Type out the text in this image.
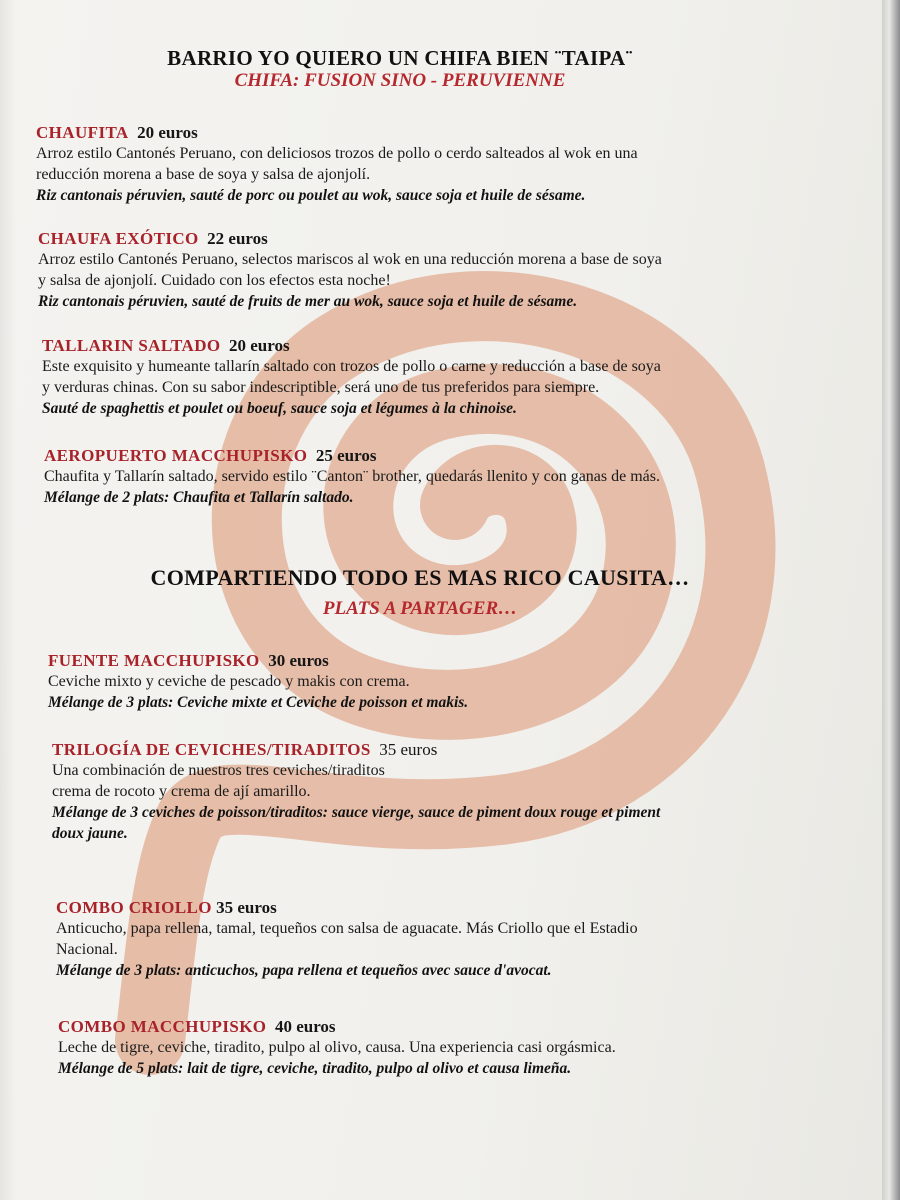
BARRIO YO QUIERO UN CHIFA BIEN ¨TAIPA¨
CHIFA: FUSION SINO - PERUVIENNE
CHAUFITA 20 euros
Arroz estilo Cantonés Peruano, con deliciosos trozos de pollo o cerdo salteados al wok en una
reducción morena a base de soya y salsa de ajonjolí.
Riz cantonais péruvien, sauté de porc ou poulet au wok, sauce soja et huile de sésame.
CHAUFA EXÓTICO 22 euros
Arroz estilo Cantonés Peruano, selectos mariscos al wok en una reducción morena a base de soya
y salsa de ajonjolí. Cuidado con los efectos esta noche!
Riz cantonais péruvien, sauté de fruits de mer au wok, sauce soja et huile de sésame.
TALLARIN SALTADO 20 euros
Este exquisito y humeante tallarín saltado con trozos de pollo o carne y reducción a base de soya
y verduras chinas. Con su sabor indescriptible, será uno de tus preferidos para siempre.
Sauté de spaghettis et poulet ou boeuf, sauce soja et légumes à la chinoise.
AEROPUERTO MACCHUPISKO 25 euros
Chaufita y Tallarín saltado, servido estilo ¨Canton¨ brother, quedarás llenito y con ganas de más.
Mélange de 2 plats: Chaufita et Tallarín saltado.
COMPARTIENDO TODO ES MAS RICO CAUSITA…
PLATS A PARTAGER…
FUENTE MACCHUPISKO 30 euros
Ceviche mixto y ceviche de pescado y makis con crema.
Mélange de 3 plats: Ceviche mixte et Ceviche de poisson et makis.
TRILOGÍA DE CEVICHES/TIRADITOS 35 euros
Una combinación de nuestros tres ceviches/tiraditos
crema de rocoto y crema de ají amarillo.
Mélange de 3 ceviches de poisson/tiraditos: sauce vierge, sauce de piment doux rouge et piment
doux jaune.
COMBO CRIOLLO 35 euros
Anticucho, papa rellena, tamal, tequeños con salsa de aguacate. Más Criollo que el Estadio
Nacional.
Mélange de 3 plats: anticuchos, papa rellena et tequeños avec sauce d'avocat.
COMBO MACCHUPISKO 40 euros
Leche de tigre, ceviche, tiradito, pulpo al olivo, causa. Una experiencia casi orgásmica.
Mélange de 5 plats: lait de tigre, ceviche, tiradito, pulpo al olivo et causa limeña.
